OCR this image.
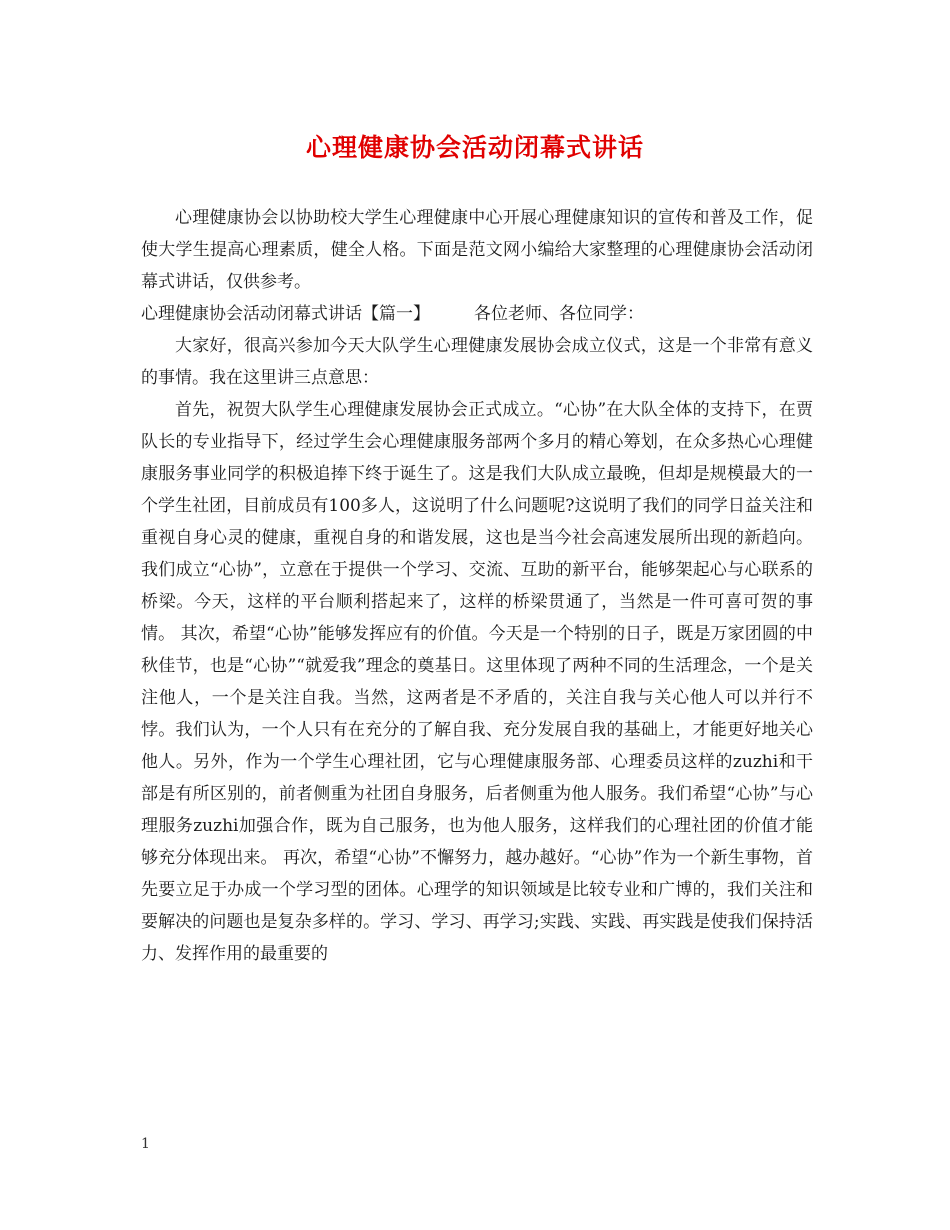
心理健康协会活动闭幕式讲话

心理健康协会以协助校大学生心理健康中心开展心理健康知识的宣传和普及工作，促使大学生提高心理素质，健全人格。下面是范文网小编给大家整理的心理健康协会活动闭幕式讲话，仅供参考。

心理健康协会活动闭幕式讲话【篇一】	各位老师、各位同学：

大家好，很高兴参加今天大队学生心理健康发展协会成立仪式，这是一个非常有意义的事情。我在这里讲三点意思：

首先，祝贺大队学生心理健康发展协会正式成立。“心协”在大队全体的支持下，在贾队长的专业指导下，经过学生会心理健康服务部两个多月的精心筹划，在众多热心心理健康服务事业同学的积极追捧下终于诞生了。这是我们大队成立最晚，但却是规模最大的一个学生社团，目前成员有100多人，这说明了什么问题呢?这说明了我们的同学日益关注和重视自身心灵的健康，重视自身的和谐发展，这也是当今社会高速发展所出现的新趋向。我们成立“心协”，立意在于提供一个学习、交流、互助的新平台，能够架起心与心联系的桥梁。今天，这样的平台顺利搭起来了，这样的桥梁贯通了，当然是一件可喜可贺的事情。 其次，希望“心协”能够发挥应有的价值。今天是一个特别的日子，既是万家团圆的中秋佳节，也是“心协”“就爱我”理念的奠基日。这里体现了两种不同的生活理念，一个是关注他人，一个是关注自我。当然，这两者是不矛盾的，关注自我与关心他人可以并行不悖。我们认为，一个人只有在充分的了解自我、充分发展自我的基础上，才能更好地关心他人。另外，作为一个学生心理社团，它与心理健康服务部、心理委员这样的zuzhi和干部是有所区别的，前者侧重为社团自身服务，后者侧重为他人服务。我们希望“心协”与心理服务zuzhi加强合作，既为自己服务，也为他人服务，这样我们的心理社团的价值才能够充分体现出来。 再次，希望“心协”不懈努力，越办越好。“心协”作为一个新生事物，首先要立足于办成一个学习型的团体。心理学的知识领域是比较专业和广博的，我们关注和要解决的问题也是复杂多样的。学习、学习、再学习;实践、实践、再实践是使我们保持活力、发挥作用的最重要的

1
